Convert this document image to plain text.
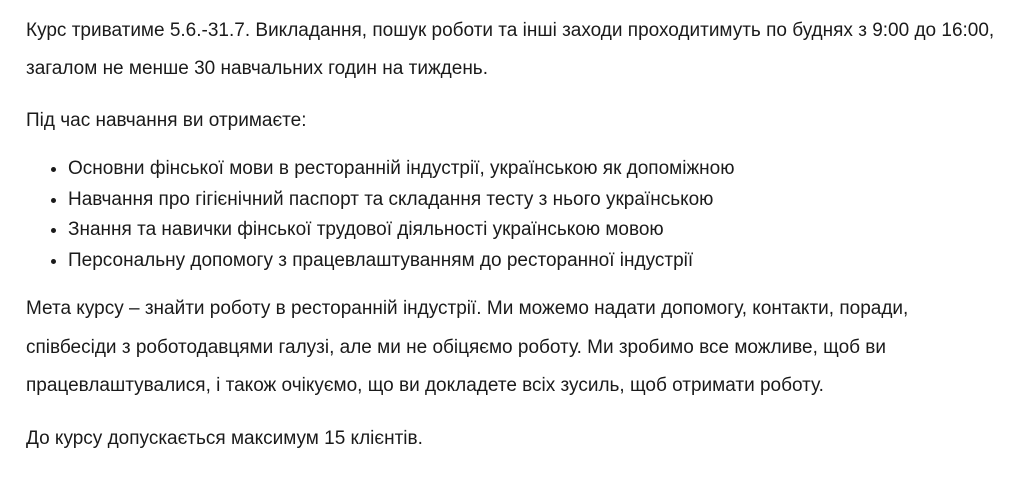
Курс триватиме 5.6.-31.7. Викладання, пошук роботи та інші заходи проходитимуть по буднях з 9:00 до 16:00, загалом не менше 30 навчальних годин на тиждень.

Під час навчання ви отримаєте:

• Основни фінської мови в ресторанній індустрії, українською як допоміжною
• Навчання про гігієнічний паспорт та складання тесту з нього українською
• Знання та навички фінської трудової діяльності українською мовою
• Персональну допомогу з працевлаштуванням до ресторанної індустрії

Мета курсу – знайти роботу в ресторанній індустрії. Ми можемо надати допомогу, контакти, поради, співбесіди з роботодавцями галузі, але ми не обіцяємо роботу. Ми зробимо все можливе, щоб ви працевлаштувалися, і також очікуємо, що ви докладете всіх зусиль, щоб отримати роботу.

До курсу допускається максимум 15 клієнтів.
